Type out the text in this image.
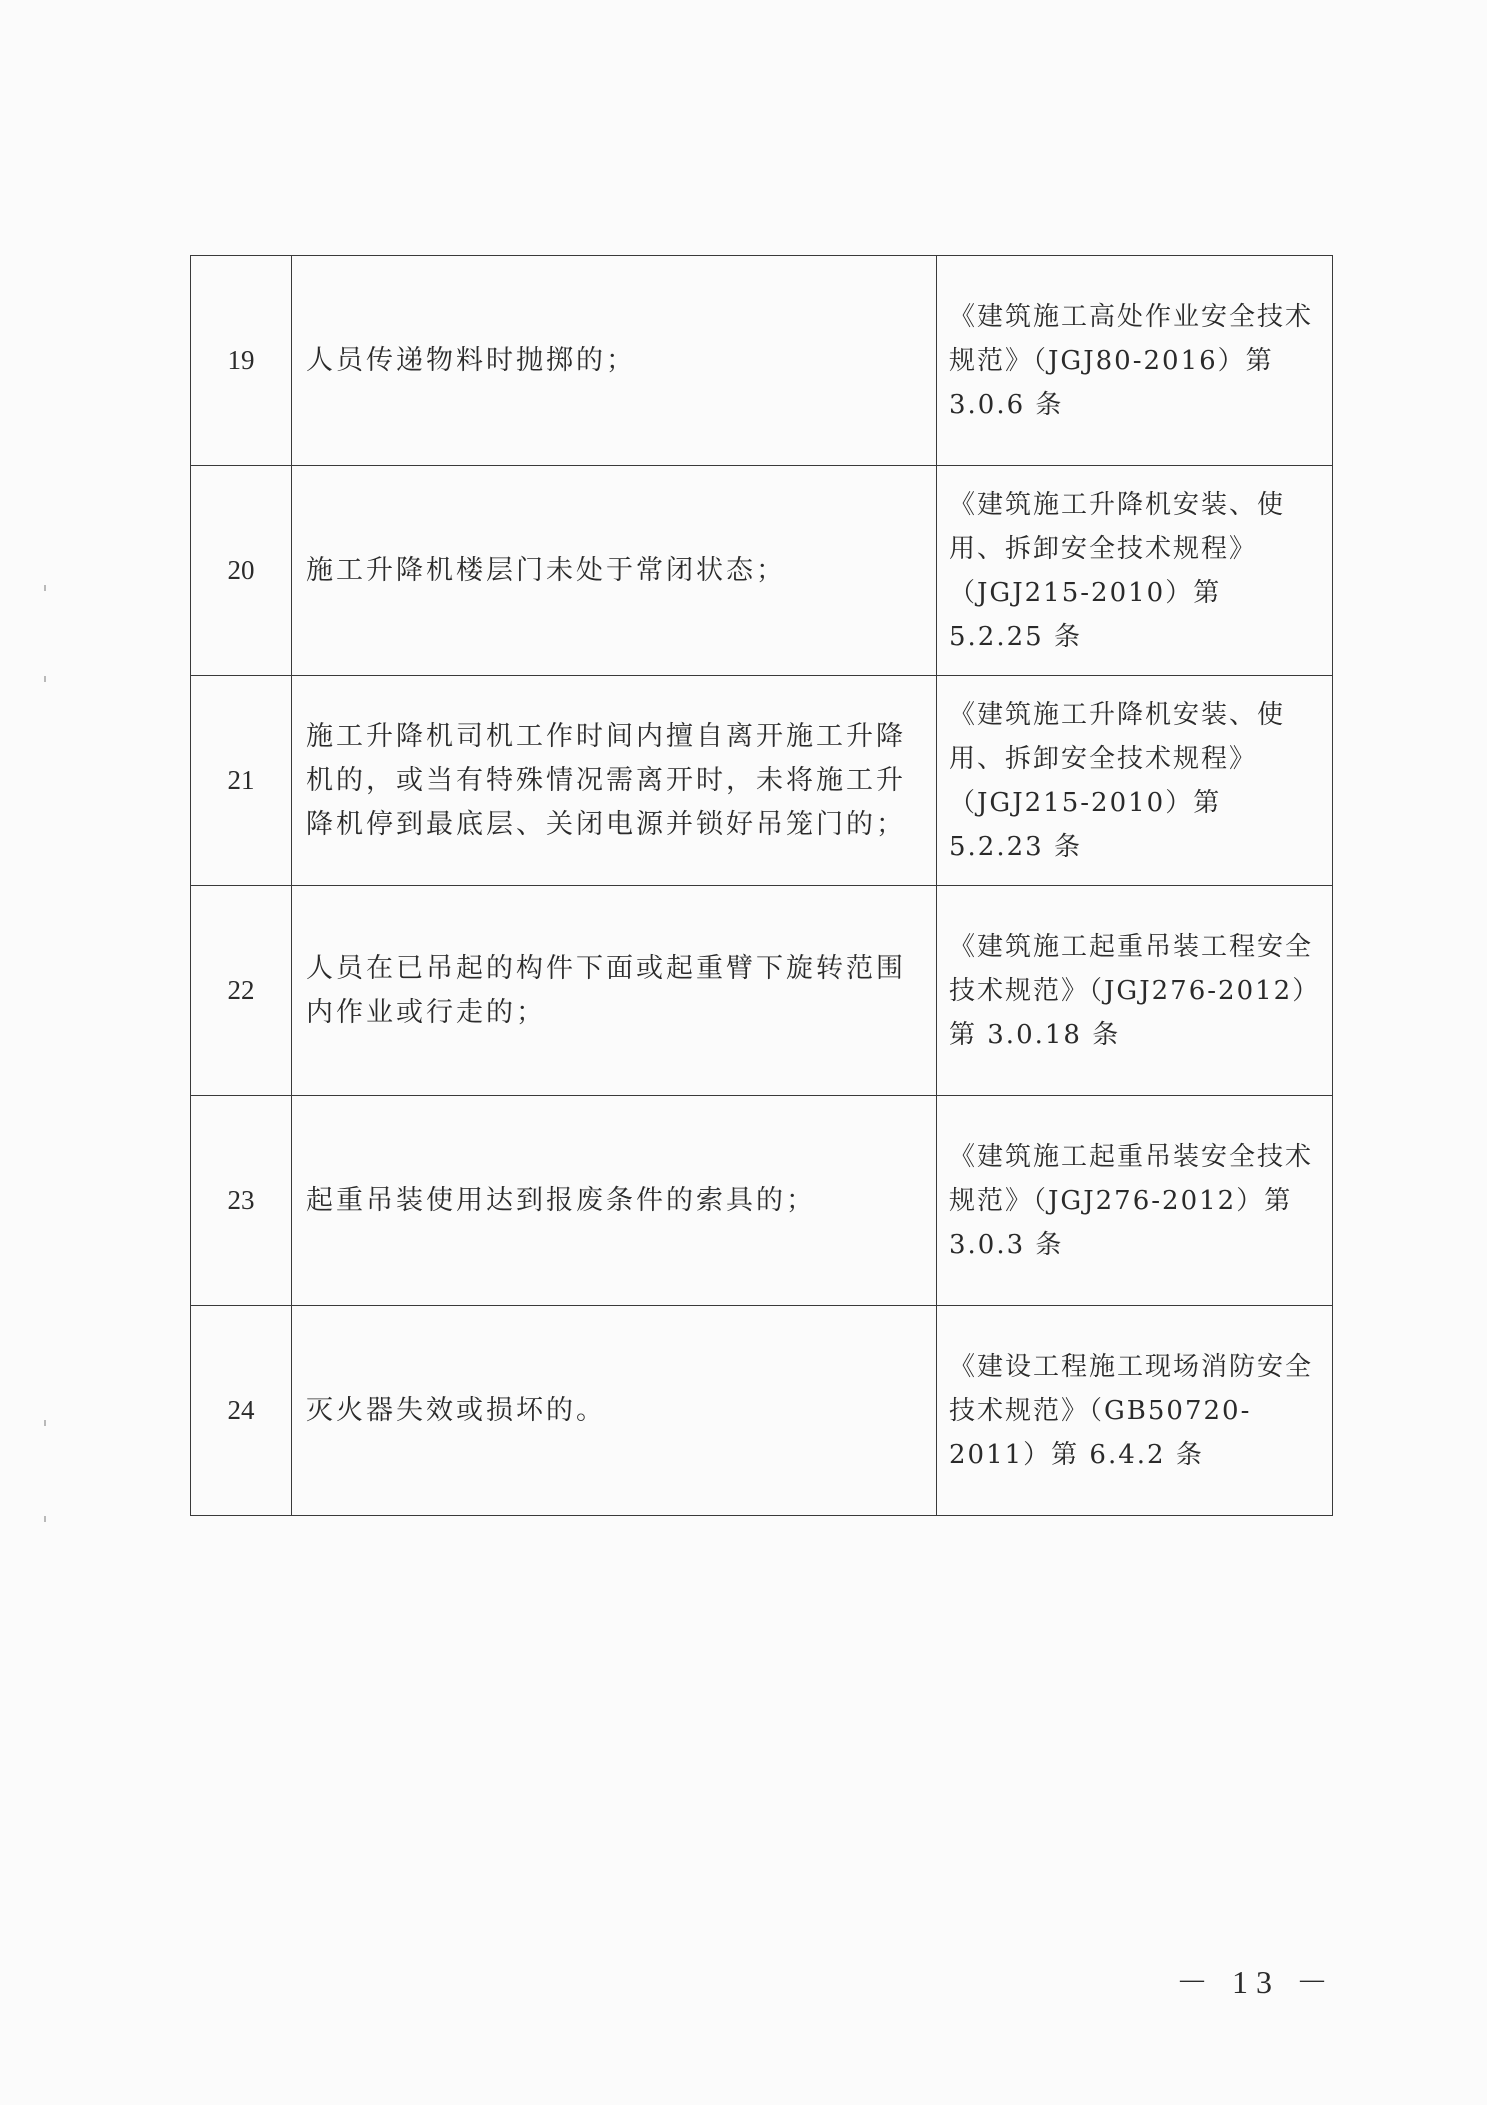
19	人员传递物料时抛掷的；	《建筑施工高处作业安全技术规范》（JGJ80-2016）第 3.0.6 条
20	施工升降机楼层门未处于常闭状态；	《建筑施工升降机安装、使用、拆卸安全技术规程》（JGJ215-2010）第 5.2.25 条
21	施工升降机司机工作时间内擅自离开施工升降机的，或当有特殊情况需离开时，未将施工升降机停到最底层、关闭电源并锁好吊笼门的；	《建筑施工升降机安装、使用、拆卸安全技术规程》（JGJ215-2010）第 5.2.23 条
22	人员在已吊起的构件下面或起重臂下旋转范围内作业或行走的；	《建筑施工起重吊装工程安全技术规范》（JGJ276-2012）第 3.0.18 条
23	起重吊装使用达到报废条件的索具的；	《建筑施工起重吊装安全技术规范》（JGJ276-2012）第 3.0.3 条
24	灭火器失效或损坏的。	《建设工程施工现场消防安全技术规范》（GB50720-2011）第 6.4.2 条
－ 13 －
